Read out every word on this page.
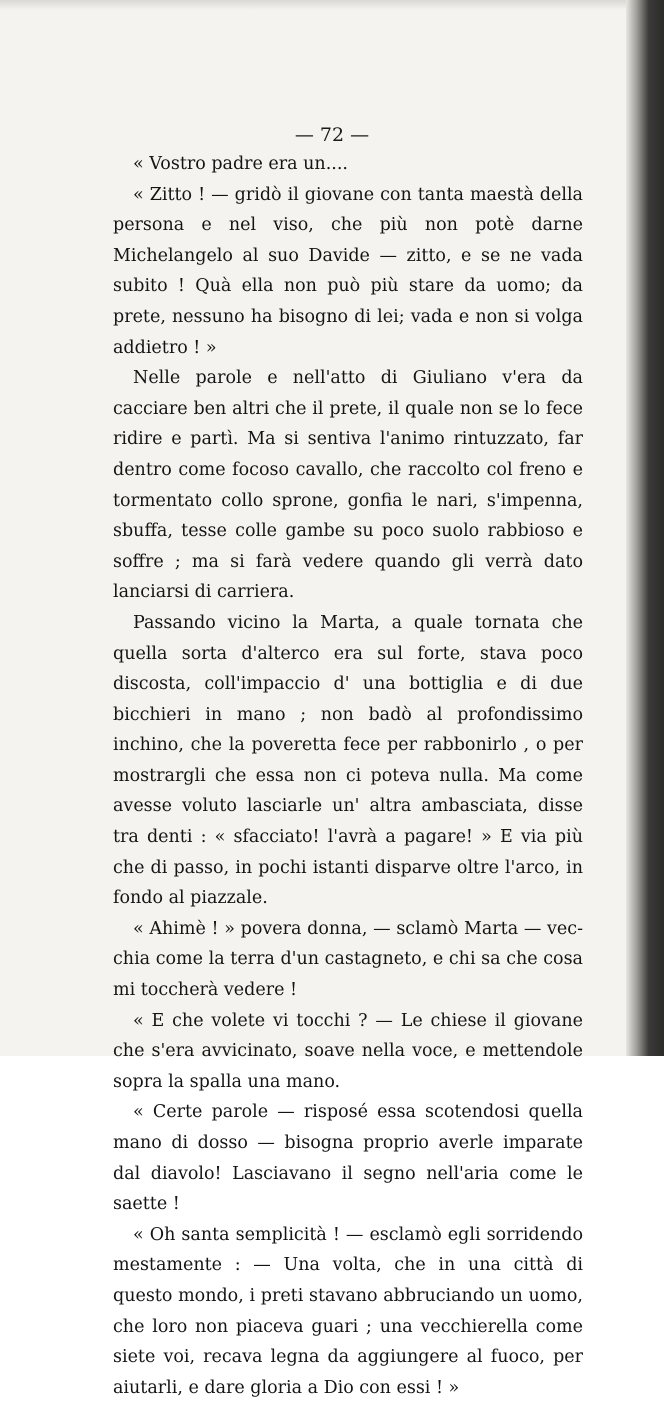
— 72 —

« Vostro padre era un....

« Zitto ! — gridò il giovane con tanta maestà della persona e nel viso, che più non potè darne Michelangelo al suo Davide — zitto, e se ne vada subito ! Quà ella non può più stare da uomo; da prete, nessuno ha bisogno di lei; vada e non si volga addietro ! »

Nelle parole e nell'atto di Giuliano v'era da cacciare ben altri che il prete, il quale non se lo fece ridire e partì. Ma si sentiva l'animo rintuzzato, far dentro come focoso cavallo, che raccolto col freno e tormentato collo sprone, gonfia le nari, s'impenna, sbuffa, tesse colle gambe su poco suolo rabbioso e soffre ; ma si farà vedere quando gli verrà dato lanciarsi di carriera.

Passando vicino la Marta, a quale tornata che quella sorta d'alterco era sul forte, stava poco discosta, coll'impaccio d' una bottiglia e di due bicchieri in mano ; non badò al profondissimo inchino, che la poveretta fece per rabbonirlo , o per mostrargli che essa non ci poteva nulla. Ma come avesse voluto lasciarle un' altra ambasciata, disse tra denti : « sfacciato! l'avrà a pagare! » E via più che di passo, in pochi istanti disparve oltre l'arco, in fondo al piazzale.

« Ahimè ! » povera donna, — sclamò Marta — vecchia come la terra d'un castagneto, e chi sa che cosa mi toccherà vedere !

« E che volete vi tocchi ? — Le chiese il giovane che s'era avvicinato, soave nella voce, e mettendole sopra la spalla una mano.

« Certe parole — risposé essa scotendosi quella mano di dosso — bisogna proprio averle imparate dal diavolo! Lasciavano il segno nell'aria come le saette !

« Oh santa semplicità ! — esclamò egli sorridendo mestamente : — Una volta, che in una città di questo mondo, i preti stavano abbruciando un uomo, che loro non piaceva guari ; una vecchierella come siete voi, recava legna da aggiungere al fuoco, per aiutarli, e dare gloria a Dio con essi ! »
